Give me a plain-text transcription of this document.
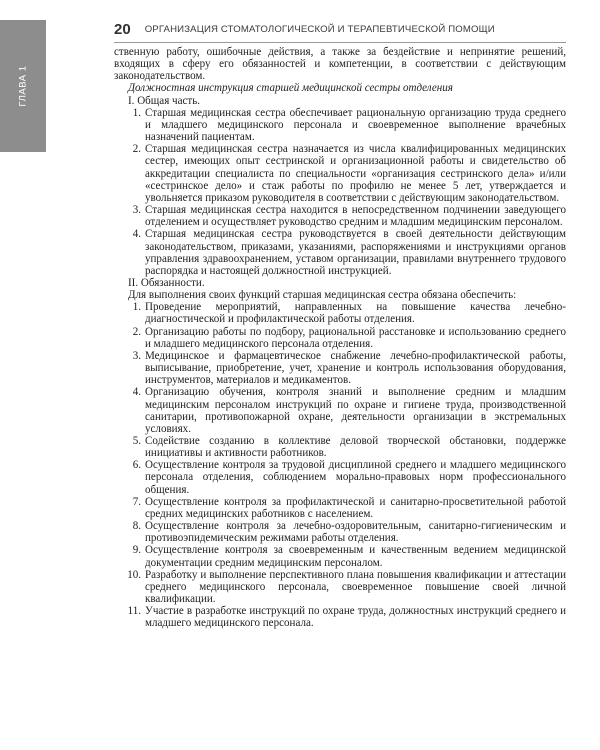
ГЛАВА 1
20 ОРГАНИЗАЦИЯ СТОМАТОЛОГИЧЕСКОЙ И ТЕРАПЕВТИЧЕСКОЙ ПОМОЩИ

ственную работу, ошибочные действия, а также за бездействие и непринятие решений, входящих в сферу его обязанностей и компетенции, в соответствии с действующим законодательством.

Должностная инструкция старшей медицинской сестры отделения

I. Общая часть.

1. Старшая медицинская сестра обеспечивает рациональную организацию труда среднего и младшего медицинского персонала и своевременное выполнение врачебных назначений пациентам.
2. Старшая медицинская сестра назначается из числа квалифицированных медицинских сестер, имеющих опыт сестринской и организационной работы и свидетельство об аккредитации специалиста по специальности «организация сестринского дела» и/или «сестринское дело» и стаж работы по профилю не менее 5 лет, утверждается и увольняется приказом руководителя в соответствии с действующим законодательством.
3. Старшая медицинская сестра находится в непосредственном подчинении заведующего отделением и осуществляет руководство средним и младшим медицинским персоналом.
4. Старшая медицинская сестра руководствуется в своей деятельности действующим законодательством, приказами, указаниями, распоряжениями и инструкциями органов управления здравоохранением, уставом организации, правилами внутреннего трудового распорядка и настоящей должностной инструкцией.

II. Обязанности.

Для выполнения своих функций старшая медицинская сестра обязана обеспечить:

1. Проведение мероприятий, направленных на повышение качества лечебно-диагностической и профилактической работы отделения.
2. Организацию работы по подбору, рациональной расстановке и использованию среднего и младшего медицинского персонала отделения.
3. Медицинское и фармацевтическое снабжение лечебно-профилактической работы, выписывание, приобретение, учет, хранение и контроль использования оборудования, инструментов, материалов и медикаментов.
4. Организацию обучения, контроля знаний и выполнение средним и младшим медицинским персоналом инструкций по охране и гигиене труда, производственной санитарии, противопожарной охране, деятельности организации в экстремальных условиях.
5. Содействие созданию в коллективе деловой творческой обстановки, поддержке инициативы и активности работников.
6. Осуществление контроля за трудовой дисциплиной среднего и младшего медицинского персонала отделения, соблюдением морально-правовых норм профессионального общения.
7. Осуществление контроля за профилактической и санитарно-просветительной работой средних медицинских работников с населением.
8. Осуществление контроля за лечебно-оздоровительным, санитарно-гигиеническим и противоэпидемическим режимами работы отделения.
9. Осуществление контроля за своевременным и качественным ведением медицинской документации средним медицинским персоналом.
10. Разработку и выполнение перспективного плана повышения квалификации и аттестации среднего медицинского персонала, своевременное повышение своей личной квалификации.
11. Участие в разработке инструкций по охране труда, должностных инструкций среднего и младшего медицинского персонала.
